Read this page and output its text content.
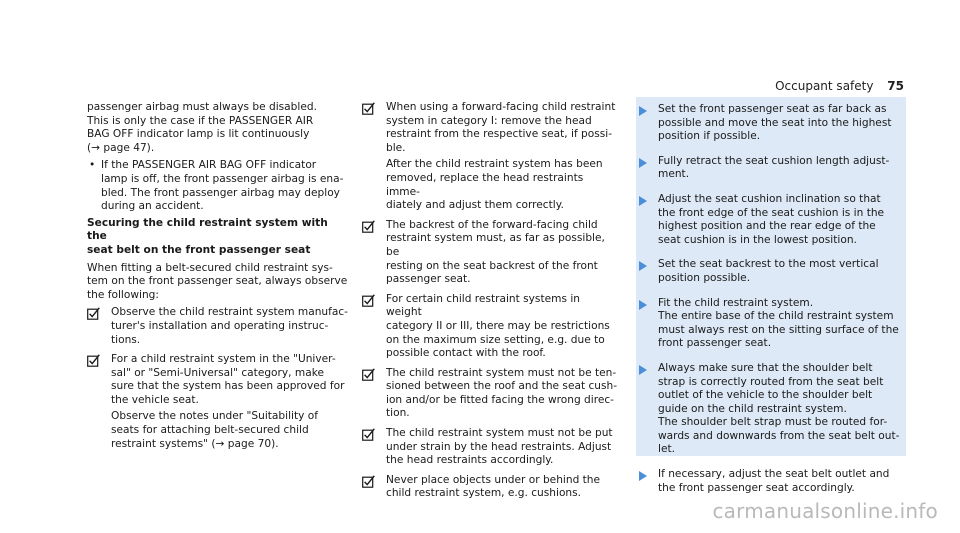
Occupant safety 75

passenger airbag must always be disabled.

This is only the case if the PASSENGER AIR

BAG OFF indicator lamp is lit continuously

(→ page 47).

• If the PASSENGER AIR BAG OFF indicator

lamp is off, the front passenger airbag is ena-

bled. The front passenger airbag may deploy

during an accident.

Securing the child restraint system with the

seat belt on the front passenger seat

When fitting a belt-secured child restraint sys-

tem on the front passenger seat, always observe

the following:

Observe the child restraint system manufac-

turer's installation and operating instruc-

tions.

For a child restraint system in the "Univer-

sal" or "Semi-Universal" category, make

sure that the system has been approved for

the vehicle seat.

Observe the notes under "Suitability of

seats for attaching belt-secured child

restraint systems" (→ page 70).

When using a forward-facing child restraint

system in category I: remove the head

restraint from the respective seat, if possi-

ble.

After the child restraint system has been

removed, replace the head restraints imme-

diately and adjust them correctly.

The backrest of the forward-facing child

restraint system must, as far as possible, be

resting on the seat backrest of the front

passenger seat.

For certain child restraint systems in weight

category II or III, there may be restrictions

on the maximum size setting, e.g. due to

possible contact with the roof.

The child restraint system must not be ten-

sioned between the roof and the seat cush-

ion and/or be fitted facing the wrong direc-

tion.

The child restraint system must not be put

under strain by the head restraints. Adjust

the head restraints accordingly.

Never place objects under or behind the

child restraint system, e.g. cushions.

Set the front passenger seat as far back as

possible and move the seat into the highest

position if possible.

Fully retract the seat cushion length adjust-

ment.

Adjust the seat cushion inclination so that

the front edge of the seat cushion is in the

highest position and the rear edge of the

seat cushion is in the lowest position.

Set the seat backrest to the most vertical

position possible.

Fit the child restraint system.

The entire base of the child restraint system

must always rest on the sitting surface of the

front passenger seat.

Always make sure that the shoulder belt

strap is correctly routed from the seat belt

outlet of the vehicle to the shoulder belt

guide on the child restraint system.

The shoulder belt strap must be routed for-

wards and downwards from the seat belt out-

let.

If necessary, adjust the seat belt outlet and

the front passenger seat accordingly.

carmanualsonline.info
